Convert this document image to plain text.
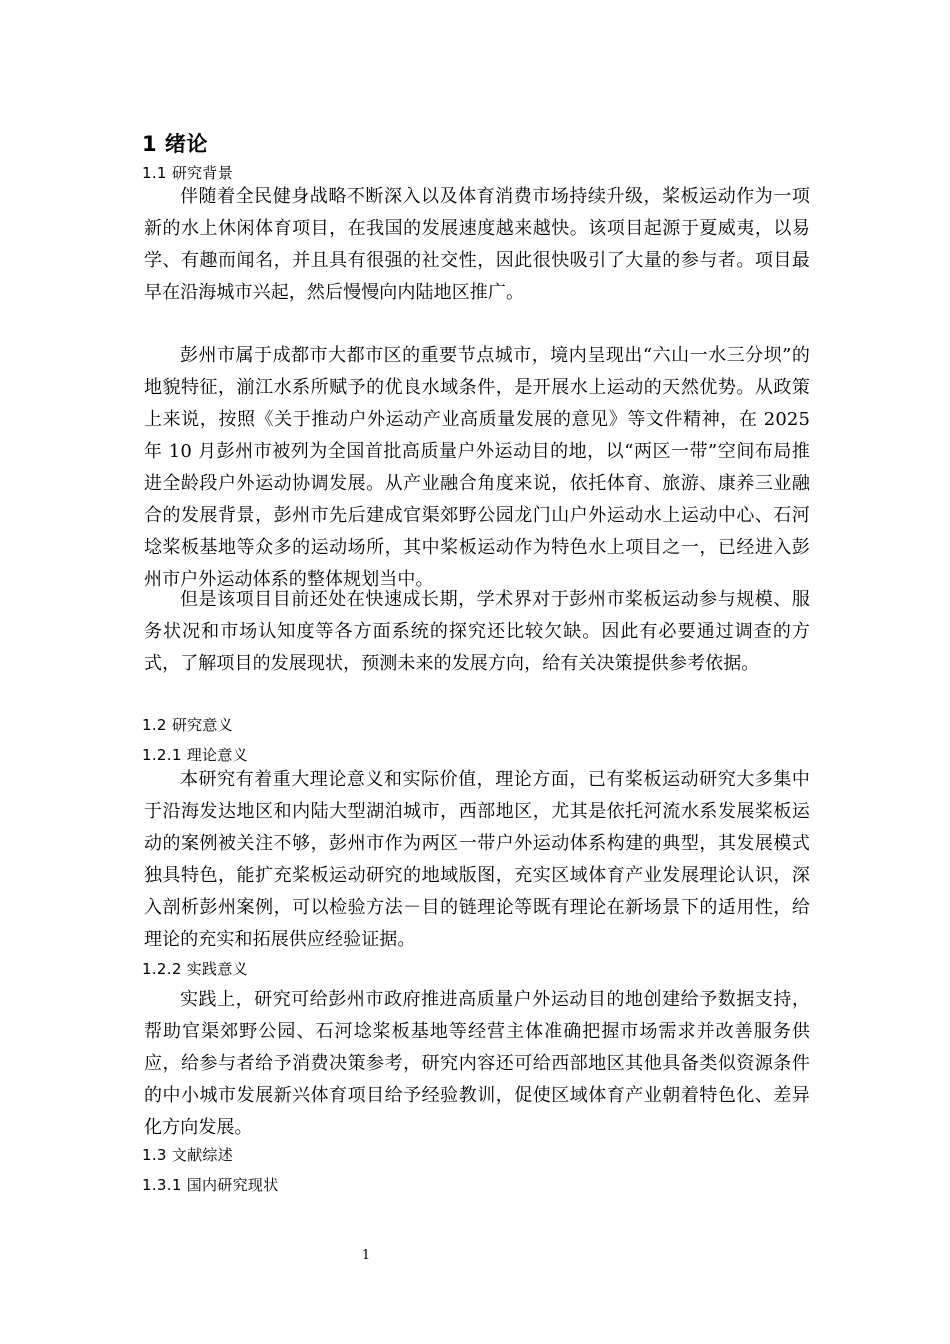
1 绪论
1.1 研究背景
伴随着全民健身战略不断深入以及体育消费市场持续升级，桨板运动作为一项新的水上休闲体育项目，在我国的发展速度越来越快。该项目起源于夏威夷，以易学、有趣而闻名，并且具有很强的社交性，因此很快吸引了大量的参与者。项目最早在沿海城市兴起，然后慢慢向内陆地区推广。
彭州市属于成都市大都市区的重要节点城市，境内呈现出“六山一水三分坝”的地貌特征，湔江水系所赋予的优良水域条件，是开展水上运动的天然优势。从政策上来说，按照《关于推动户外运动产业高质量发展的意见》等文件精神，在 2025 年 10 月彭州市被列为全国首批高质量户外运动目的地，以“两区一带”空间布局推进全龄段户外运动协调发展。从产业融合角度来说，依托体育、旅游、康养三业融合的发展背景，彭州市先后建成官渠郊野公园龙门山户外运动水上运动中心、石河埝桨板基地等众多的运动场所，其中桨板运动作为特色水上项目之一，已经进入彭州市户外运动体系的整体规划当中。
但是该项目目前还处在快速成长期，学术界对于彭州市桨板运动参与规模、服务状况和市场认知度等各方面系统的探究还比较欠缺。因此有必要通过调查的方式，了解项目的发展现状，预测未来的发展方向，给有关决策提供参考依据。
1.2 研究意义
1.2.1 理论意义
本研究有着重大理论意义和实际价值，理论方面，已有桨板运动研究大多集中于沿海发达地区和内陆大型湖泊城市，西部地区，尤其是依托河流水系发展桨板运动的案例被关注不够，彭州市作为两区一带户外运动体系构建的典型，其发展模式独具特色，能扩充桨板运动研究的地域版图，充实区域体育产业发展理论认识，深入剖析彭州案例，可以检验方法－目的链理论等既有理论在新场景下的适用性，给理论的充实和拓展供应经验证据。
1.2.2 实践意义
实践上，研究可给彭州市政府推进高质量户外运动目的地创建给予数据支持，帮助官渠郊野公园、石河埝桨板基地等经营主体准确把握市场需求并改善服务供应，给参与者给予消费决策参考，研究内容还可给西部地区其他具备类似资源条件的中小城市发展新兴体育项目给予经验教训，促使区域体育产业朝着特色化、差异化方向发展。
1.3 文献综述
1.3.1 国内研究现状
1
